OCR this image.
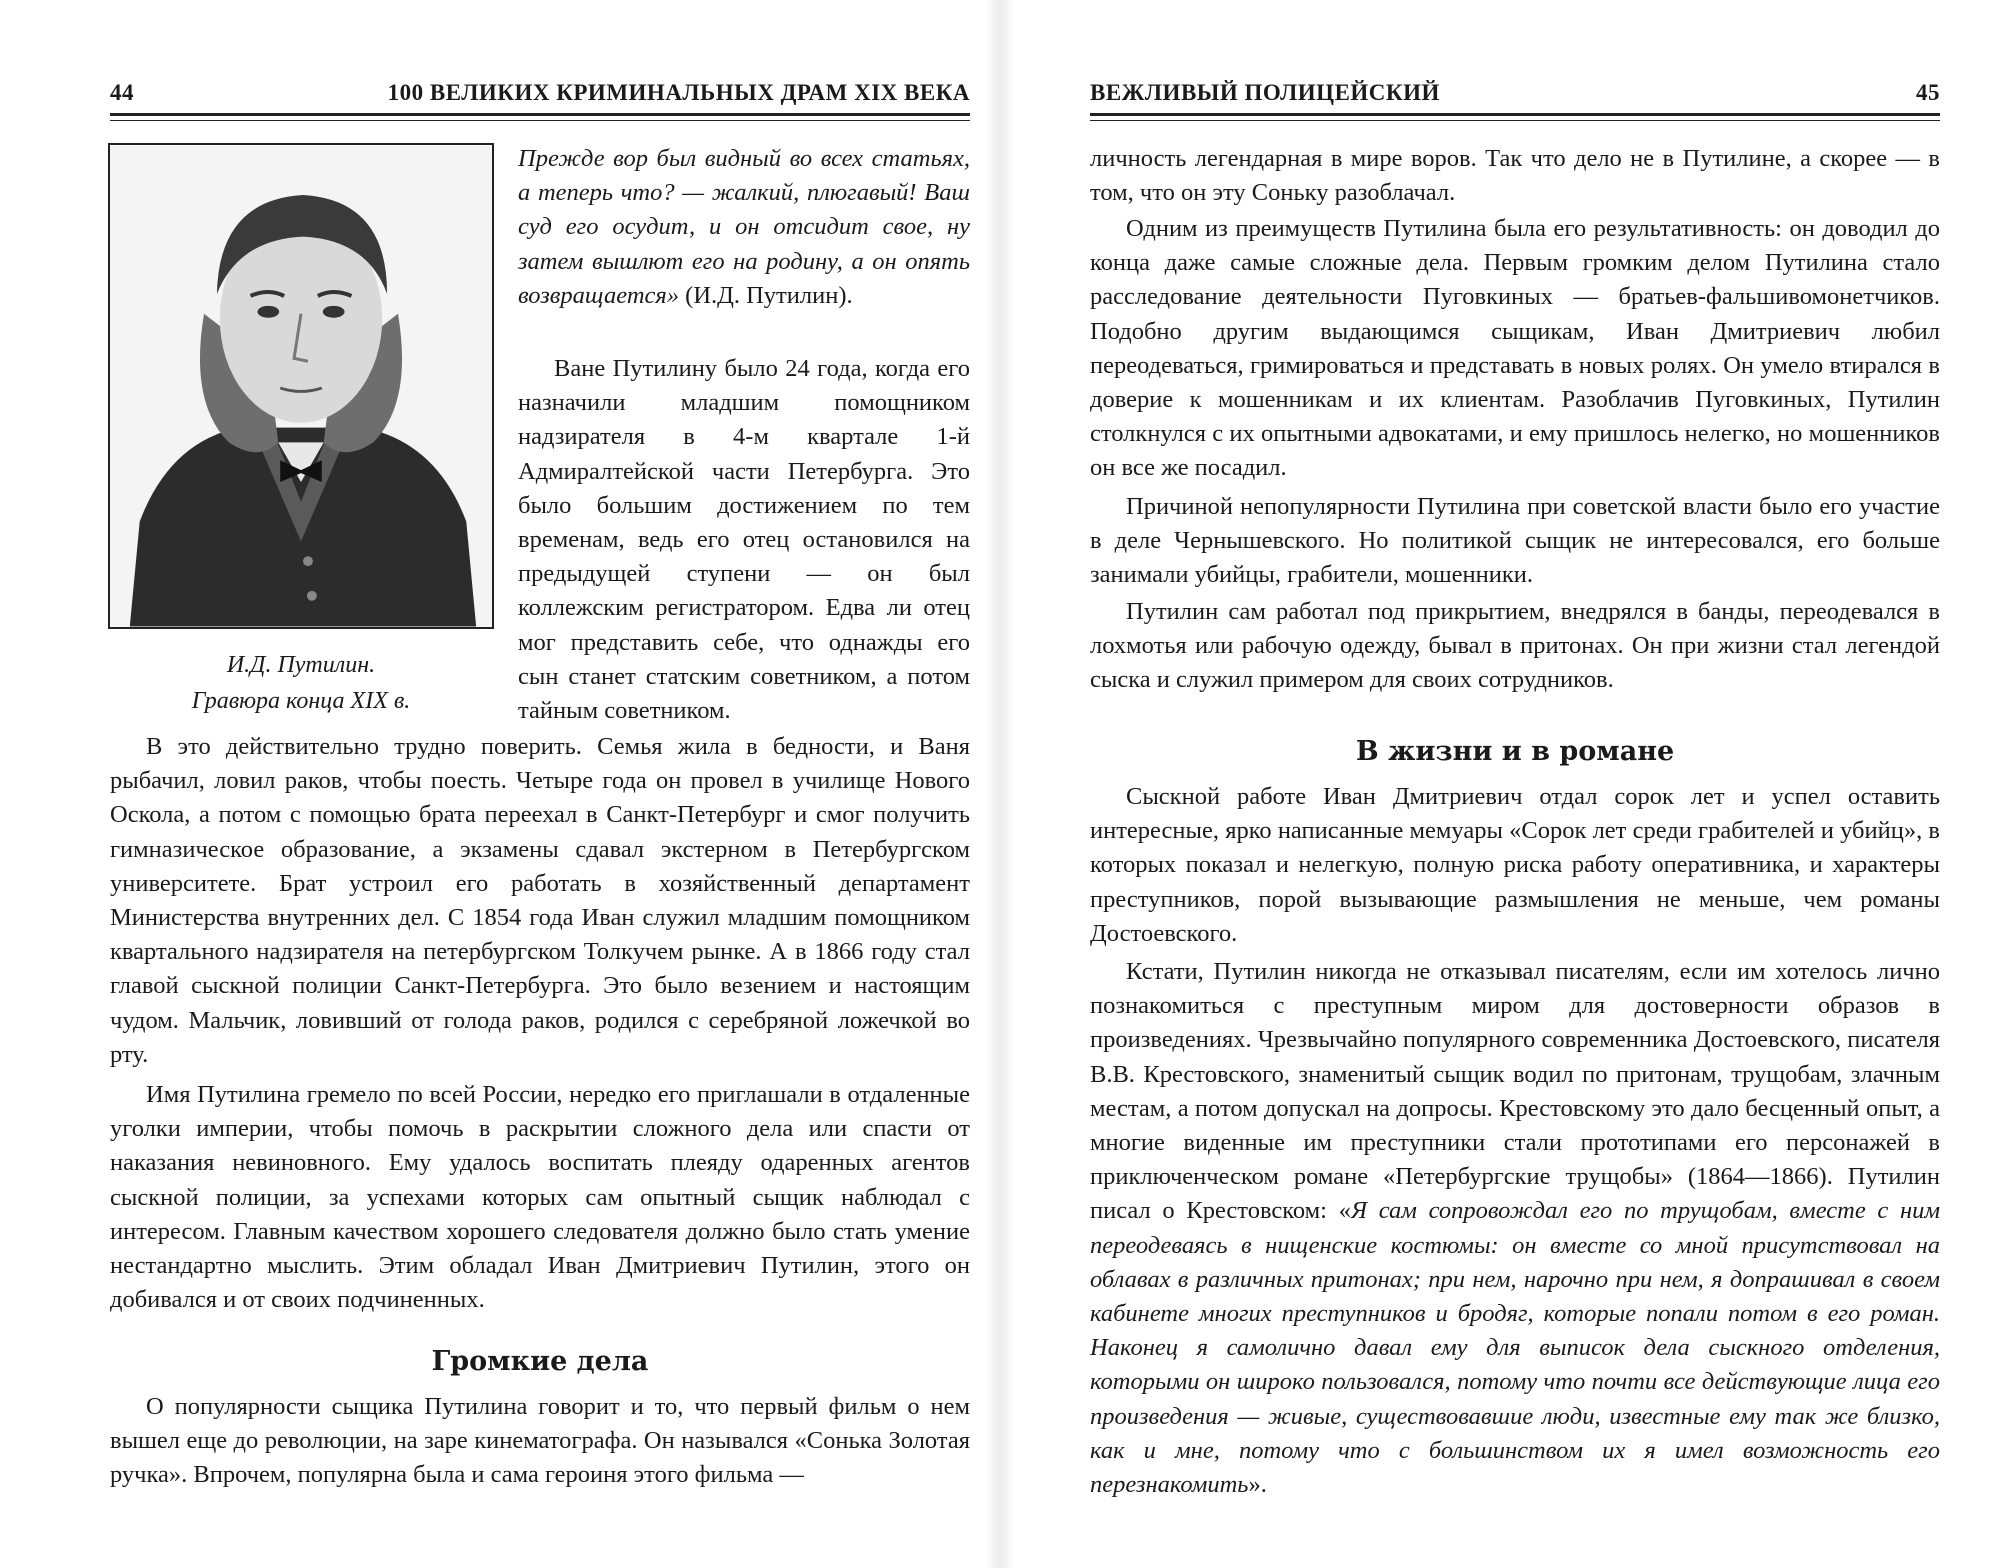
44	100 ВЕЛИКИХ КРИМИНАЛЬНЫХ ДРАМ XIX ВЕКА

И.Д. Путилин.
Гравюра конца XIX в.

Прежде вор был видный во всех статьях, а теперь что? — жалкий, плюгавый! Ваш суд его осудит, и он отсидит свое, ну затем вышлют его на родину, а он опять возвращается» (И.Д. Путилин).

Ване Путилину было 24 года, когда его назначили младшим помощником надзирателя в 4-м квартале 1-й Адмиралтейской части Петербурга. Это было большим достижением по тем временам, ведь его отец остановился на предыдущей ступени — он был коллежским регистратором. Едва ли отец мог представить себе, что однажды его сын станет статским советником, а потом тайным советником.

В это действительно трудно поверить. Семья жила в бедности, и Ваня рыбачил, ловил раков, чтобы поесть. Четыре года он провел в училище Нового Оскола, а потом с помощью брата переехал в Санкт-Петербург и смог получить гимназическое образование, а экзамены сдавал экстерном в Петербургском университете. Брат устроил его работать в хозяйственный департамент Министерства внутренних дел. С 1854 года Иван служил младшим помощником квартального надзирателя на петербургском Толкучем рынке. А в 1866 году стал главой сыскной полиции Санкт-Петербурга. Это было везением и настоящим чудом. Мальчик, ловивший от голода раков, родился с серебряной ложечкой во рту.

Имя Путилина гремело по всей России, нередко его приглашали в отдаленные уголки империи, чтобы помочь в раскрытии сложного дела или спасти от наказания невиновного. Ему удалось воспитать плеяду одаренных агентов сыскной полиции, за успехами которых сам опытный сыщик наблюдал с интересом. Главным качеством хорошего следователя должно было стать умение нестандартно мыслить. Этим обладал Иван Дмитриевич Путилин, этого он добивался и от своих подчиненных.

Громкие дела

О популярности сыщика Путилина говорит и то, что первый фильм о нем вышел еще до революции, на заре кинематографа. Он назывался «Сонька Золотая ручка». Впрочем, популярна была и сама героиня этого фильма —

ВЕЖЛИВЫЙ ПОЛИЦЕЙСКИЙ	45

личность легендарная в мире воров. Так что дело не в Путилине, а скорее — в том, что он эту Соньку разоблачал.

Одним из преимуществ Путилина была его результативность: он доводил до конца даже самые сложные дела. Первым громким делом Путилина стало расследование деятельности Пуговкиных — братьев-фальшивомонетчиков. Подобно другим выдающимся сыщикам, Иван Дмитриевич любил переодеваться, гримироваться и представать в новых ролях. Он умело втирался в доверие к мошенникам и их клиентам. Разоблачив Пуговкиных, Путилин столкнулся с их опытными адвокатами, и ему пришлось нелегко, но мошенников он все же посадил.

Причиной непопулярности Путилина при советской власти было его участие в деле Чернышевского. Но политикой сыщик не интересовался, его больше занимали убийцы, грабители, мошенники.

Путилин сам работал под прикрытием, внедрялся в банды, переодевался в лохмотья или рабочую одежду, бывал в притонах. Он при жизни стал легендой сыска и служил примером для своих сотрудников.

В жизни и в романе

Сыскной работе Иван Дмитриевич отдал сорок лет и успел оставить интересные, ярко написанные мемуары «Сорок лет среди грабителей и убийц», в которых показал и нелегкую, полную риска работу оперативника, и характеры преступников, порой вызывающие размышления не меньше, чем романы Достоевского.

Кстати, Путилин никогда не отказывал писателям, если им хотелось лично познакомиться с преступным миром для достоверности образов в произведениях. Чрезвычайно популярного современника Достоевского, писателя В.В. Крестовского, знаменитый сыщик водил по притонам, трущобам, злачным местам, а потом допускал на допросы. Крестовскому это дало бесценный опыт, а многие виденные им преступники стали прототипами его персонажей в приключенческом романе «Петербургские трущобы» (1864—1866). Путилин писал о Крестовском: «Я сам сопровождал его по трущобам, вместе с ним переодеваясь в нищенские костюмы: он вместе со мной присутствовал на облавах в различных притонах; при нем, нарочно при нем, я допрашивал в своем кабинете многих преступников и бродяг, которые попали потом в его роман. Наконец я самолично давал ему для выписок дела сыскного отделения, которыми он широко пользовался, потому что почти все действующие лица его произведения — живые, существовавшие люди, известные ему так же близко, как и мне, потому что с большинством их я имел возможность его перезнакомить».
